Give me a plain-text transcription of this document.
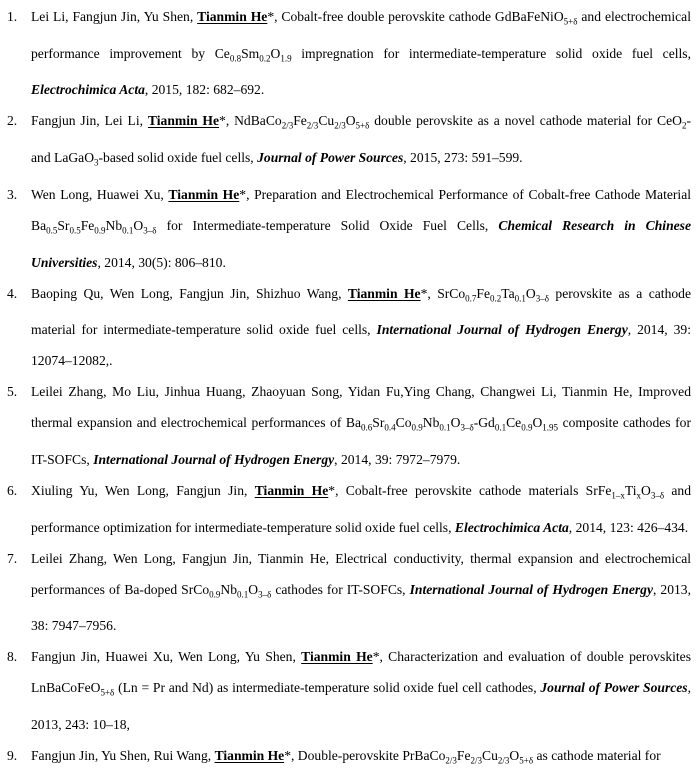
1. Lei Li, Fangjun Jin, Yu Shen, Tianmin He*, Cobalt-free double perovskite cathode GdBaFeNiO$_{5+\delta}$ and electrochemical performance improvement by $Ce_{0.8}Sm_{0.2}O_{1.9}$ impregnation for intermediate-temperature solid oxide fuel cells, Electrochimica Acta, 2015, 182: 682–692.
2. Fangjun Jin, Lei Li, Tianmin He*, $NdBaCo_{2/3}Fe_{2/3}Cu_{2/3}O_{5+\delta}$ double perovskite as a novel cathode material for CeO$_2$- and LaGaO$_3$-based solid oxide fuel cells, Journal of Power Sources, 2015, 273: 591–599.
3. Wen Long, Huawei Xu, Tianmin He*, Preparation and Electrochemical Performance of Cobalt-free Cathode Material $Ba_{0.5}Sr_{0.5}Fe_{0.9}Nb_{0.1}O_{3-\delta}$ for Intermediate-temperature Solid Oxide Fuel Cells, Chemical Research in Chinese Universities, 2014, 30(5): 806–810.
4. Baoping Qu, Wen Long, Fangjun Jin, Shizhuo Wang, Tianmin He*, $SrCo_{0.7}Fe_{0.2}Ta_{0.1}O_{3-\delta}$ perovskite as a cathode material for intermediate-temperature solid oxide fuel cells, International Journal of Hydrogen Energy, 2014, 39: 12074–12082,.
5. Leilei Zhang, Mo Liu, Jinhua Huang, Zhaoyuan Song, Yidan Fu,Ying Chang, Changwei Li, Tianmin He, Improved thermal expansion and electrochemical performances of $Ba_{0.6}Sr_{0.4}Co_{0.9}Nb_{0.1}O_{3-\delta}-Gd_{0.1}Ce_{0.9}O_{1.95}$ composite cathodes for IT-SOFCs, International Journal of Hydrogen Energy, 2014, 39: 7972–7979.
6. Xiuling Yu, Wen Long, Fangjun Jin, Tianmin He*, Cobalt-free perovskite cathode materials $SrFe_{1-x}Ti_xO_{3-\delta}$ and performance optimization for intermediate-temperature solid oxide fuel cells, Electrochimica Acta, 2014, 123: 426–434.
7. Leilei Zhang, Wen Long, Fangjun Jin, Tianmin He, Electrical conductivity, thermal expansion and electrochemical performances of Ba-doped $SrCo_{0.9}Nb_{0.1}O_{3-\delta}$ cathodes for IT-SOFCs, International Journal of Hydrogen Energy, 2013, 38: 7947–7956.
8. Fangjun Jin, Huawei Xu, Wen Long, Yu Shen, Tianmin He*, Characterization and evaluation of double perovskites LnBaCoFeO$_{5+\delta}$ (Ln = Pr and Nd) as intermediate-temperature solid oxide fuel cell cathodes, Journal of Power Sources, 2013, 243: 10–18,
9. Fangjun Jin, Yu Shen, Rui Wang, Tianmin He*, Double-perovskite $PrBaCo_{2/3}Fe_{2/3}Cu_{2/3}O_{5+\delta}$ as cathode material for
